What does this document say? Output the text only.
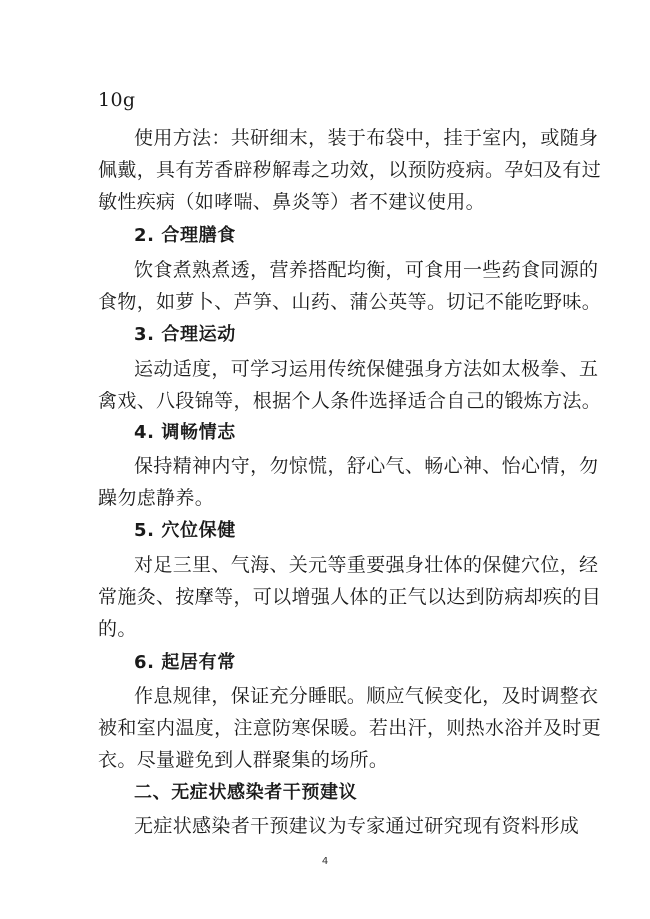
10g
使用方法：共研细末，装于布袋中，挂于室内，或随身
佩戴，具有芳香辟秽解毒之功效，以预防疫病。孕妇及有过
敏性疾病（如哮喘、鼻炎等）者不建议使用。
2. 合理膳食
饮食煮熟煮透，营养搭配均衡，可食用一些药食同源的
食物，如萝卜、芦笋、山药、蒲公英等。切记不能吃野味。
3. 合理运动
运动适度，可学习运用传统保健强身方法如太极拳、五
禽戏、八段锦等，根据个人条件选择适合自己的锻炼方法。
4. 调畅情志
保持精神内守，勿惊慌，舒心气、畅心神、怡心情，勿
躁勿虑静养。
5. 穴位保健
对足三里、气海、关元等重要强身壮体的保健穴位，经
常施灸、按摩等，可以增强人体的正气以达到防病却疾的目
的。
6. 起居有常
作息规律，保证充分睡眠。顺应气候变化，及时调整衣
被和室内温度，注意防寒保暖。若出汗，则热水浴并及时更
衣。尽量避免到人群聚集的场所。
二、无症状感染者干预建议
无症状感染者干预建议为专家通过研究现有资料形成
4
